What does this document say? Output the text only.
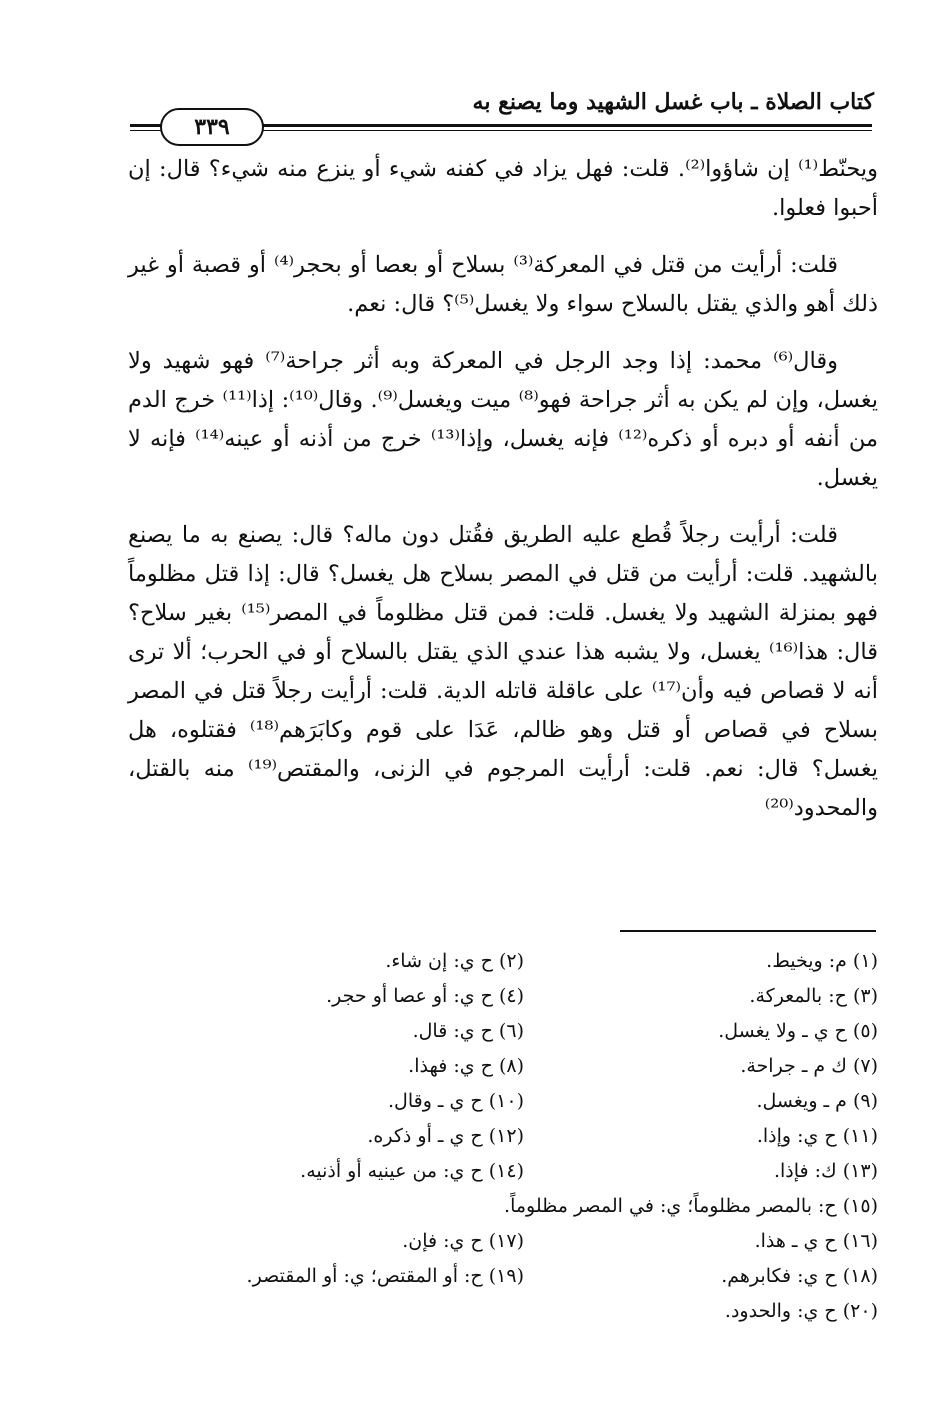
كتاب الصلاة ـ باب غسل الشهيد وما يصنع به
٣٣٩

ويحنّط⁽¹⁾ إن شاؤوا⁽²⁾. قلت: فهل يزاد في كفنه شيء أو ينزع منه شيء؟ قال: إن أحبوا فعلوا.

قلت: أرأيت من قتل في المعركة⁽³⁾ بسلاح أو بعصا أو بحجر⁽⁴⁾ أو قصبة أو غير ذلك أهو والذي يقتل بالسلاح سواء ولا يغسل⁽⁵⁾؟ قال: نعم.

وقال⁽⁶⁾ محمد: إذا وجد الرجل في المعركة وبه أثر جراحة⁽⁷⁾ فهو شهيد ولا يغسل، وإن لم يكن به أثر جراحة فهو⁽⁸⁾ ميت ويغسل⁽⁹⁾. وقال⁽¹⁰⁾: إذا⁽¹¹⁾ خرج الدم من أنفه أو دبره أو ذكره⁽¹²⁾ فإنه يغسل، وإذا⁽¹³⁾ خرج من أذنه أو عينه⁽¹⁴⁾ فإنه لا يغسل.

قلت: أرأيت رجلاً قُطع عليه الطريق فقُتل دون ماله؟ قال: يصنع به ما يصنع بالشهيد. قلت: أرأيت من قتل في المصر بسلاح هل يغسل؟ قال: إذا قتل مظلوماً فهو بمنزلة الشهيد ولا يغسل. قلت: فمن قتل مظلوماً في المصر⁽¹⁵⁾ بغير سلاح؟ قال: هذا⁽¹⁶⁾ يغسل، ولا يشبه هذا عندي الذي يقتل بالسلاح أو في الحرب؛ ألا ترى أنه لا قصاص فيه وأن⁽¹⁷⁾ على عاقلة قاتله الدية. قلت: أرأيت رجلاً قتل في المصر بسلاح في قصاص أو قتل وهو ظالم، عَدَا على قوم وكابَرَهم⁽¹⁸⁾ فقتلوه، هل يغسل؟ قال: نعم. قلت: أرأيت المرجوم في الزنى، والمقتص⁽¹⁹⁾ منه بالقتل، والمحدود⁽²⁰⁾

(١) م: ويخيط.
(٢) ح ي: إن شاء.
(٣) ح: بالمعركة.
(٤) ح ي: أو عصا أو حجر.
(٥) ح ي ـ ولا يغسل.
(٦) ح ي: قال.
(٧) ك م ـ جراحة.
(٨) ح ي: فهذا.
(٩) م ـ ويغسل.
(١٠) ح ي ـ وقال.
(١١) ح ي: وإذا.
(١٢) ح ي ـ أو ذكره.
(١٣) ك: فإذا.
(١٤) ح ي: من عينيه أو أذنيه.
(١٥) ح: بالمصر مظلوماً؛ ي: في المصر مظلوماً.
(١٦) ح ي ـ هذا.
(١٧) ح ي: فإن.
(١٨) ح ي: فكابرهم.
(١٩) ح: أو المقتص؛ ي: أو المقتصر.
(٢٠) ح ي: والحدود.
